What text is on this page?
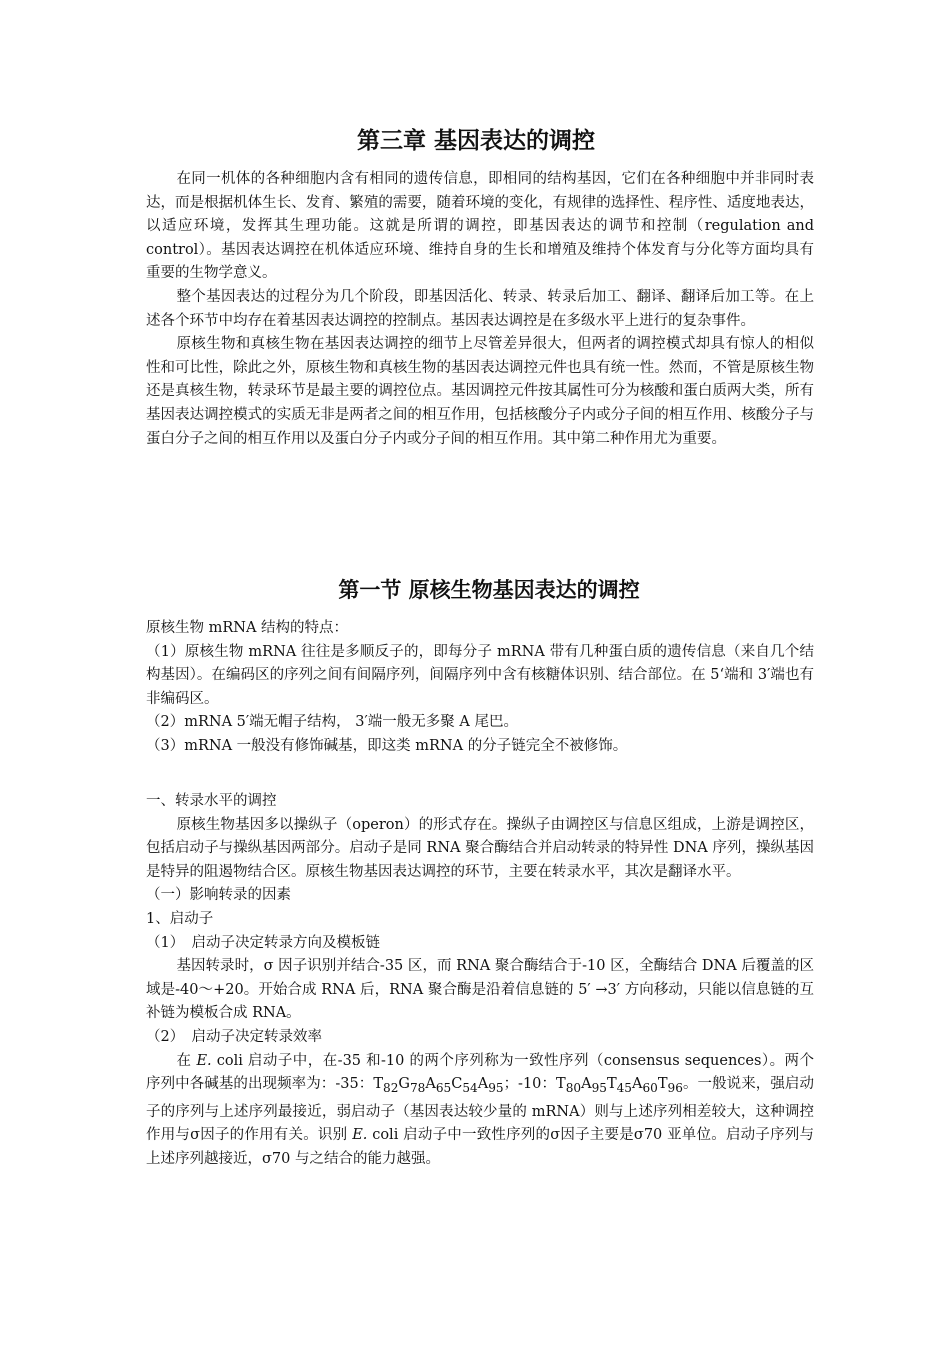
第三章 基因表达的调控

在同一机体的各种细胞内含有相同的遗传信息，即相同的结构基因，它们在各种细胞中并非同时表达，而是根据机体生长、发育、繁殖的需要，随着环境的变化，有规律的选择性、程序性、适度地表达，以适应环境，发挥其生理功能。这就是所谓的调控，即基因表达的调节和控制（regulation and control）。基因表达调控在机体适应环境、维持自身的生长和增殖及维持个体发育与分化等方面均具有重要的生物学意义。

整个基因表达的过程分为几个阶段，即基因活化、转录、转录后加工、翻译、翻译后加工等。在上述各个环节中均存在着基因表达调控的控制点。基因表达调控是在多级水平上进行的复杂事件。

原核生物和真核生物在基因表达调控的细节上尽管差异很大，但两者的调控模式却具有惊人的相似性和可比性，除此之外，原核生物和真核生物的基因表达调控元件也具有统一性。然而，不管是原核生物还是真核生物，转录环节是最主要的调控位点。基因调控元件按其属性可分为核酸和蛋白质两大类，所有基因表达调控模式的实质无非是两者之间的相互作用，包括核酸分子内或分子间的相互作用、核酸分子与蛋白分子之间的相互作用以及蛋白分子内或分子间的相互作用。其中第二种作用尤为重要。

第一节 原核生物基因表达的调控

原核生物 mRNA 结构的特点：

（1）原核生物 mRNA 往往是多顺反子的，即每分子 mRNA 带有几种蛋白质的遗传信息（来自几个结构基因）。在编码区的序列之间有间隔序列，间隔序列中含有核糖体识别、结合部位。在 5‘端和 3′端也有非编码区。

（2）mRNA 5′端无帽子结构， 3′端一般无多聚 A 尾巴。

（3）mRNA 一般没有修饰碱基，即这类 mRNA 的分子链完全不被修饰。

一、转录水平的调控

原核生物基因多以操纵子（operon）的形式存在。操纵子由调控区与信息区组成，上游是调控区，包括启动子与操纵基因两部分。启动子是同 RNA 聚合酶结合并启动转录的特异性 DNA 序列，操纵基因是特异的阻遏物结合区。原核生物基因表达调控的环节，主要在转录水平，其次是翻译水平。

（一）影响转录的因素

1、启动子

（1）　启动子决定转录方向及模板链

基因转录时，σ 因子识别并结合-35 区，而 RNA 聚合酶结合于-10 区，全酶结合 DNA 后覆盖的区域是-40～+20。开始合成 RNA 后，RNA 聚合酶是沿着信息链的 5′ →3′ 方向移动，只能以信息链的互补链为模板合成 RNA。

（2）　启动子决定转录效率

在 E. coli 启动子中，在-35 和-10 的两个序列称为一致性序列（consensus sequences）。两个序列中各碱基的出现频率为：-35：$T_{82}G_{78}A_{65}C_{54}A_{95}$；-10：$T_{80}A_{95}T_{45}A_{60}T_{96}$。一般说来，强启动子的序列与上述序列最接近，弱启动子（基因表达较少量的 mRNA）则与上述序列相差较大，这种调控作用与σ因子的作用有关。识别 E. coli 启动子中一致性序列的σ因子主要是σ70 亚单位。启动子序列与上述序列越接近，σ70 与之结合的能力越强。
